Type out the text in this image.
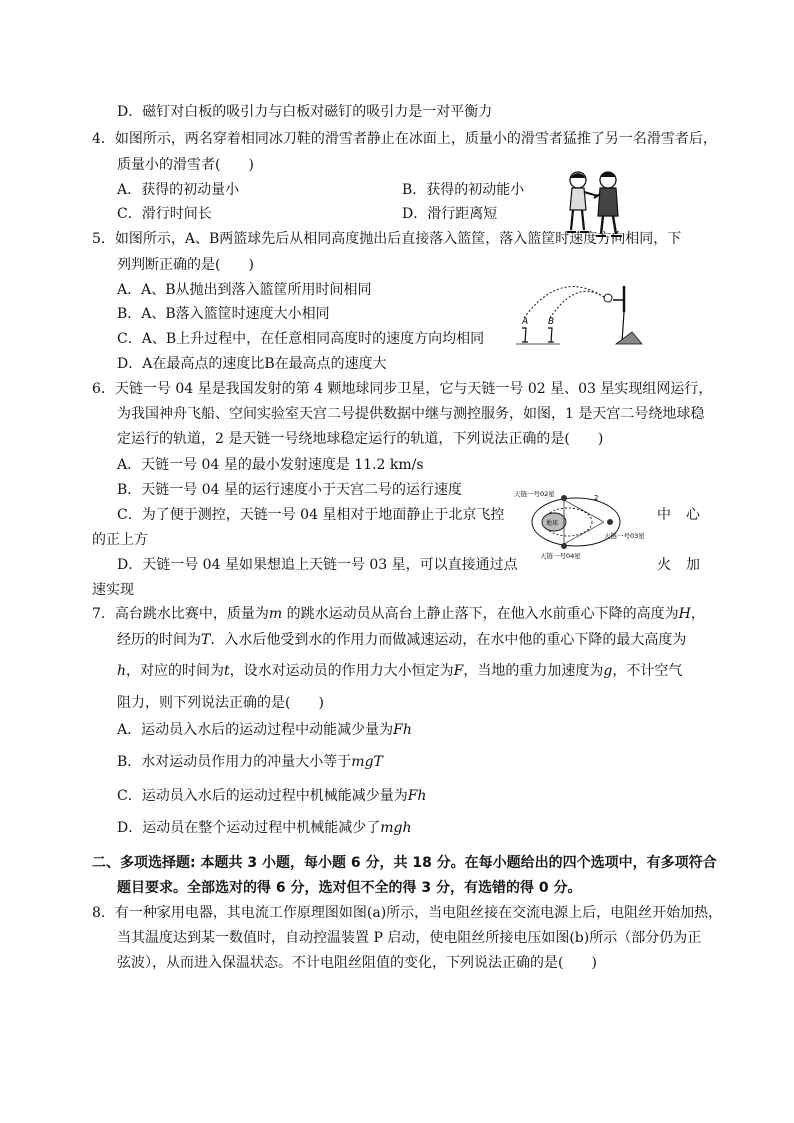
D．磁钉对白板的吸引力与白板对磁钉的吸引力是一对平衡力
4．如图所示，两名穿着相同冰刀鞋的滑雪者静止在冰面上，质量小的滑雪者猛推了另一名滑雪者后，
质量小的滑雪者(　　)
A．获得的初动量小	B．获得的初动能小
C．滑行时间长	D．滑行距离短
5．如图所示，A、B两篮球先后从相同高度抛出后直接落入篮筐，落入篮筐时速度方向相同，下
列判断正确的是(　　)
A．A、B从抛出到落入篮筐所用时间相同
B．A、B落入篮筐时速度大小相同
C．A、B上升过程中，在任意相同高度时的速度方向均相同
D．A在最高点的速度比B在最高点的速度大
A B
6．天链一号 04 星是我国发射的第 4 颗地球同步卫星，它与天链一号 02 星、03 星实现组网运行，
为我国神舟飞船、空间实验室天宫二号提供数据中继与测控服务，如图，1 是天宫二号绕地球稳
定运行的轨道，2 是天链一号绕地球稳定运行的轨道，下列说法正确的是(　　)
A．天链一号 04 星的最小发射速度是 11.2 km/s
B．天链一号 04 星的运行速度小于天宫二号的运行速度
C．为了便于测控，天链一号 04 星相对于地面静止于北京飞控	中 心
的正上方
D．天链一号 04 星如果想追上天链一号 03 星，可以直接通过点	火 加
速实现
地球
天链一号02星	2
天链一号03星
天链一号04星
7．高台跳水比赛中，质量为m 的跳水运动员从高台上静止落下，在他入水前重心下降的高度为H，
经历的时间为T．入水后他受到水的作用力而做减速运动，在水中他的重心下降的最大高度为
h，对应的时间为t，设水对运动员的作用力大小恒定为F，当地的重力加速度为g，不计空气
阻力，则下列说法正确的是(　　)
A．运动员入水后的运动过程中动能减少量为Fh
B．水对运动员作用力的冲量大小等于mgT
C．运动员入水后的运动过程中机械能减少量为Fh
D．运动员在整个运动过程中机械能减少了mgh
二、多项选择题: 本题共 3 小题，每小题 6 分，共 18 分。在每小题给出的四个选项中，有多项符合
题目要求。全部选对的得 6 分，选对但不全的得 3 分，有选错的得 0 分。
8．有一种家用电器，其电流工作原理图如图(a)所示，当电阻丝接在交流电源上后，电阻丝开始加热，
当其温度达到某一数值时，自动控温装置 P 启动，使电阻丝所接电压如图(b)所示（部分仍为正
弦波），从而进入保温状态。不计电阻丝阻值的变化，下列说法正确的是(　　)
